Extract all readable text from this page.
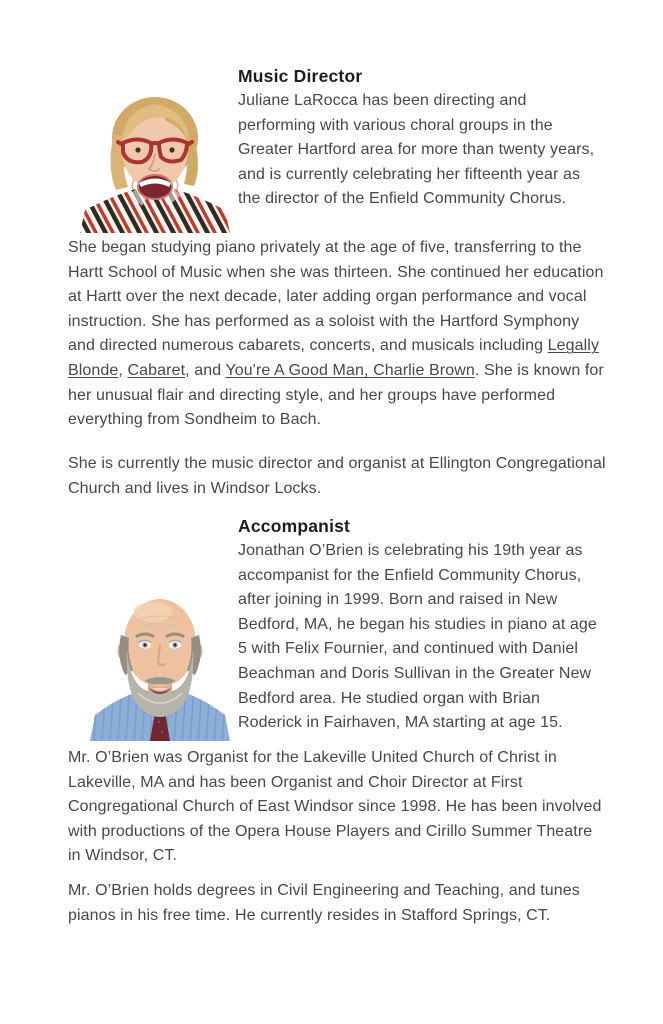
Music Director

Juliane LaRocca has been directing and performing with various choral groups in the Greater Hartford area for more than twenty years, and is currently celebrating her fifteenth year as the director of the Enfield Community Chorus.

She began studying piano privately at the age of five, transferring to the Hartt School of Music when she was thirteen. She continued her education at Hartt over the next decade, later adding organ performance and vocal instruction. She has performed as a soloist with the Hartford Symphony and directed numerous cabarets, concerts, and musicals including Legally Blonde, Cabaret, and You're A Good Man, Charlie Brown. She is known for her unusual flair and directing style, and her groups have performed everything from Sondheim to Bach.

She is currently the music director and organist at Ellington Congregational Church and lives in Windsor Locks.

Accompanist

Jonathan O’Brien is celebrating his 19th year as accompanist for the Enfield Community Chorus, after joining in 1999. Born and raised in New Bedford, MA, he began his studies in piano at age 5 with Felix Fournier, and continued with Daniel Beachman and Doris Sullivan in the Greater New Bedford area. He studied organ with Brian Roderick in Fairhaven, MA starting at age 15.

Mr. O’Brien was Organist for the Lakeville United Church of Christ in Lakeville, MA and has been Organist and Choir Director at First Congregational Church of East Windsor since 1998. He has been involved with productions of the Opera House Players and Cirillo Summer Theatre in Windsor, CT.

Mr. O’Brien holds degrees in Civil Engineering and Teaching, and tunes pianos in his free time. He currently resides in Stafford Springs, CT.
